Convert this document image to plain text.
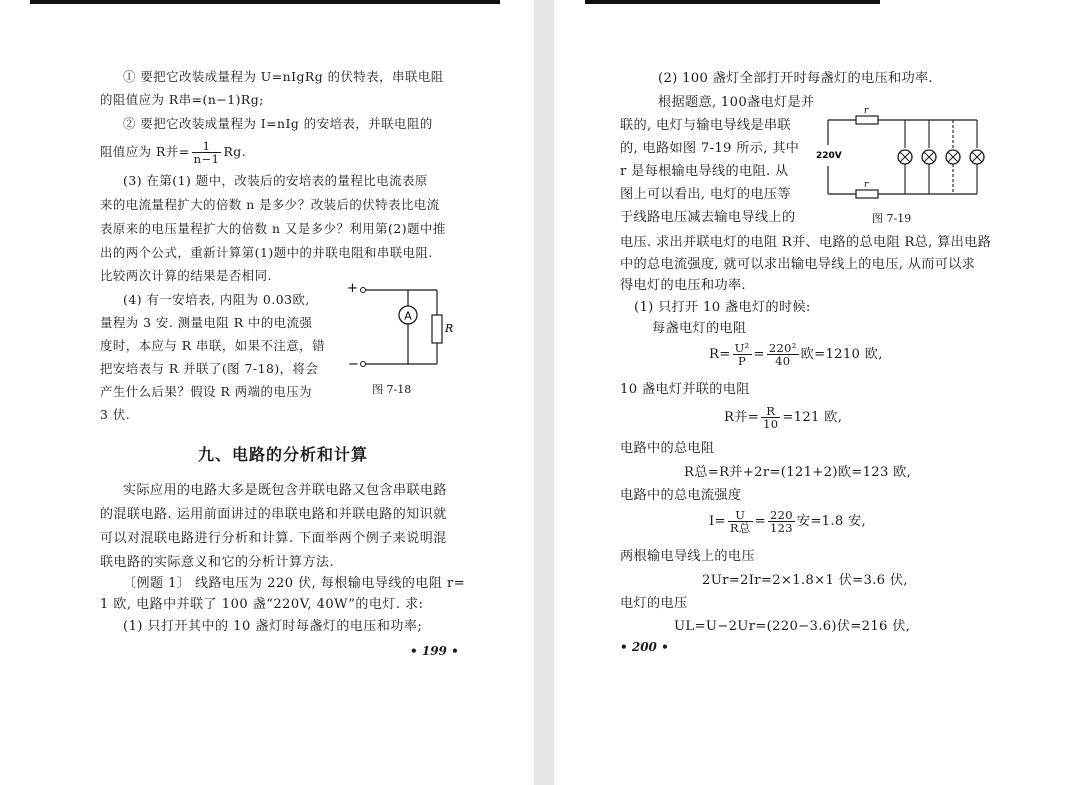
① 要把它改装成量程为 U=nIgRg 的伏特表，串联电阻
的阻值应为 R串=(n−1)Rg;
② 要把它改装成量程为 I=nIg 的安培表，并联电阻的
阻值应为 R并= $\frac{1}{n-1} Rg$.
(3) 在第(1) 题中，改装后的安培表的量程比电流表原
来的电流量程扩大的倍数 n 是多少？改装后的伏特表比电流
表原来的电压量程扩大的倍数 n 又是多少？利用第(2)题中推
出的两个公式，重新计算第(1)题中的并联电阻和串联电阻.
比较两次计算的结果是否相同.
(4) 有一安培表, 内阻为 0.03欧,
量程为 3 安. 测量电阻 R 中的电流强
度时，本应与 R 串联，如果不注意，错
把安培表与 R 并联了(图 7-18)，将会
产生什么后果？假设 R 两端的电压为
3 伏.
+
A
R
−
图 7-18
九、电路的分析和计算
实际应用的电路大多是既包含并联电路又包含串联电路
的混联电路. 运用前面讲过的串联电路和并联电路的知识就
可以对混联电路进行分析和计算. 下面举两个例子来说明混
联电路的实际意义和它的分析计算方法.
〔例题 1〕 线路电压为 220 伏, 每根输电导线的电阻 r=
1 欧, 电路中并联了 100 盏“220V, 40W”的电灯. 求:
(1) 只打开其中的 10 盏灯时每盏灯的电压和功率;
• 199 •
(2) 100 盏灯全部打开时每盏灯的电压和功率.
根据题意, 100盏电灯是并
联的, 电灯与输电导线是串联
的, 电路如图 7-19 所示, 其中
r 是每根输电导线的电阻. 从
图上可以看出, 电灯的电压等
于线路电压减去输电导线上的
220V
r
r
图 7-19
电压. 求出并联电灯的电阻 R并、电路的总电阻 R总, 算出电路
中的总电流强度, 就可以求出输电导线上的电压, 从而可以求
得电灯的电压和功率.
(1) 只打开 10 盏电灯的时候:
每盏电灯的电阻
$R= \frac{\text{U²}}{P} = \frac{\text{220²}}{40}$ 欧=1210 欧,
10 盏电灯并联的电阻
R并= $\frac{R}{10} =121$ 欧,
电路中的总电阻
R总=R并+2r=(121+2)欧=123 欧,
电路中的总电流强度
$I= \frac{U}{\text{R总}} = \frac{220}{123}$ 安=1.8 安,
两根输电导线上的电压
2Ur=2Ir=2×1.8×1 伏=3.6 伏,
电灯的电压
UL=U−2Ur=(220−3.6)伏=216 伏,
• 200 •
